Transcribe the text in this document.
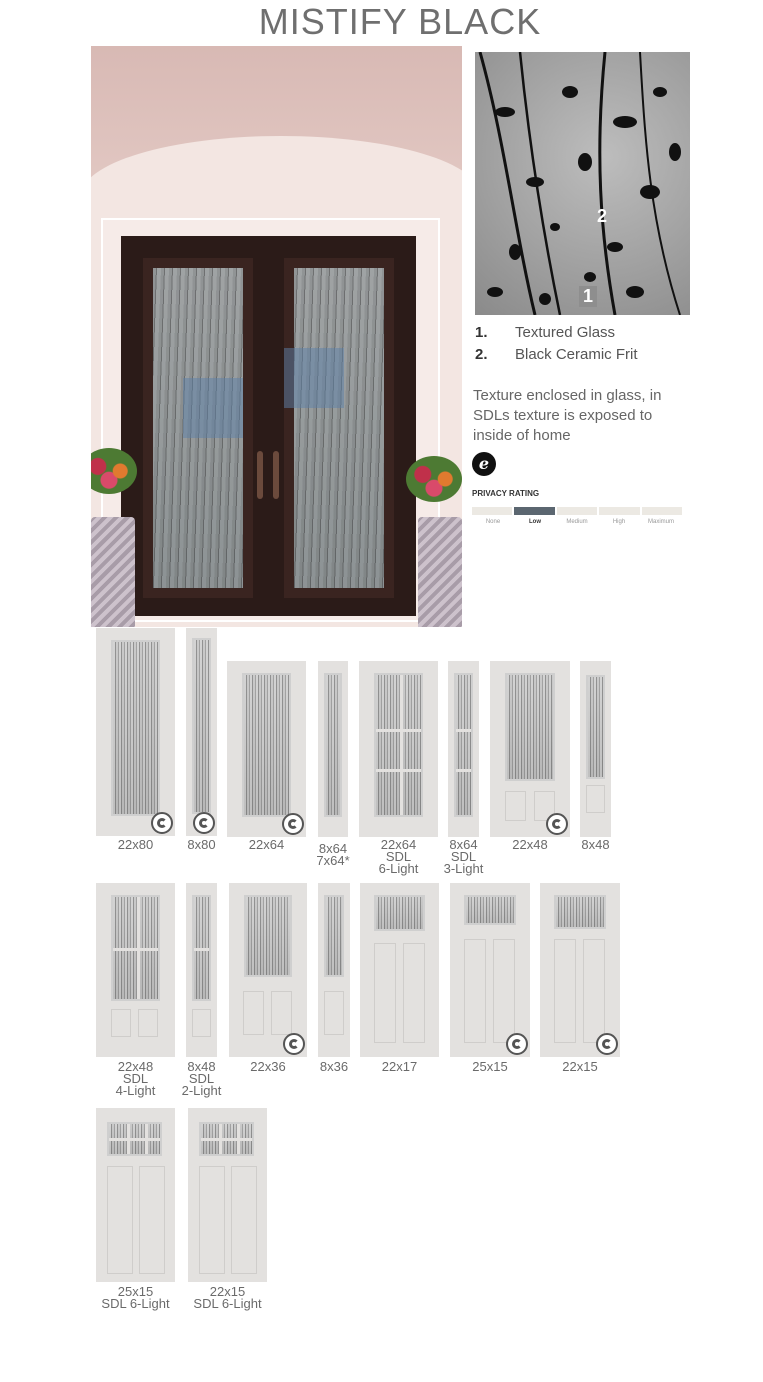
MISTIFY BLACK
2
1
1. Textured Glass
2. Black Ceramic Frit
Texture enclosed in glass, in SDLs texture is exposed to inside of home
e
PRIVACY RATING
None	Low	Medium	High	Maximum
22x80	8x80	22x64	8x64
7x64*
22x64
SDL
6-Light
8x64
SDL
3-Light
22x48	8x48
22x48
SDL
4-Light
8x48
SDL
2-Light
22x36	8x36	22x17	25x15	22x15
25x15
SDL 6-Light
22x15
SDL 6-Light
